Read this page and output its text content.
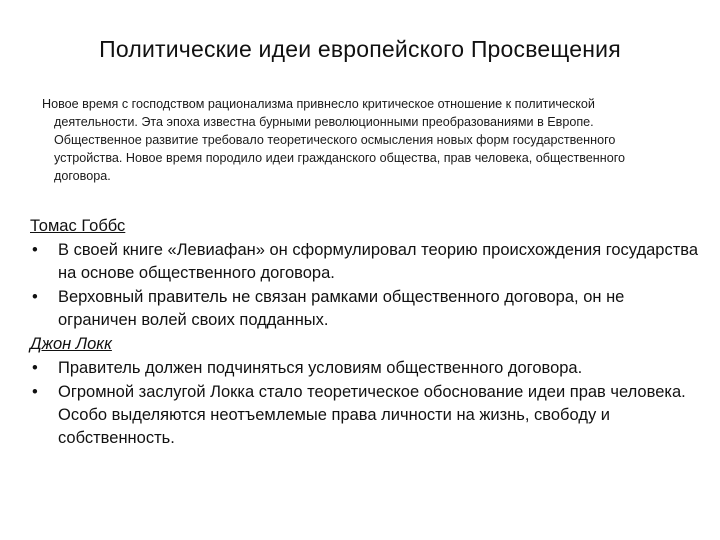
Политические идеи европейского Просвещения

Новое время с господством рационализма привнесло критическое отношение к политической деятельности. Эта эпоха известна бурными революционными преобразованиями в Европе. Общественное развитие требовало теоретического осмысления новых форм государственного устройства. Новое время породило идеи гражданского общества, прав человека, общественного договора.

Томас Гоббс
•	В своей книге «Левиафан» он сформулировал теорию происхождения государства на основе общественного договора.
•	Верховный правитель не связан рамками общественного договора, он не ограничен волей своих подданных.
Джон Локк
•	Правитель должен подчиняться условиям общественного договора.
•	Огромной заслугой Локка стало теоретическое обоснование идеи прав человека. Особо выделяются неотъемлемые права личности на жизнь, свободу и собственность.
